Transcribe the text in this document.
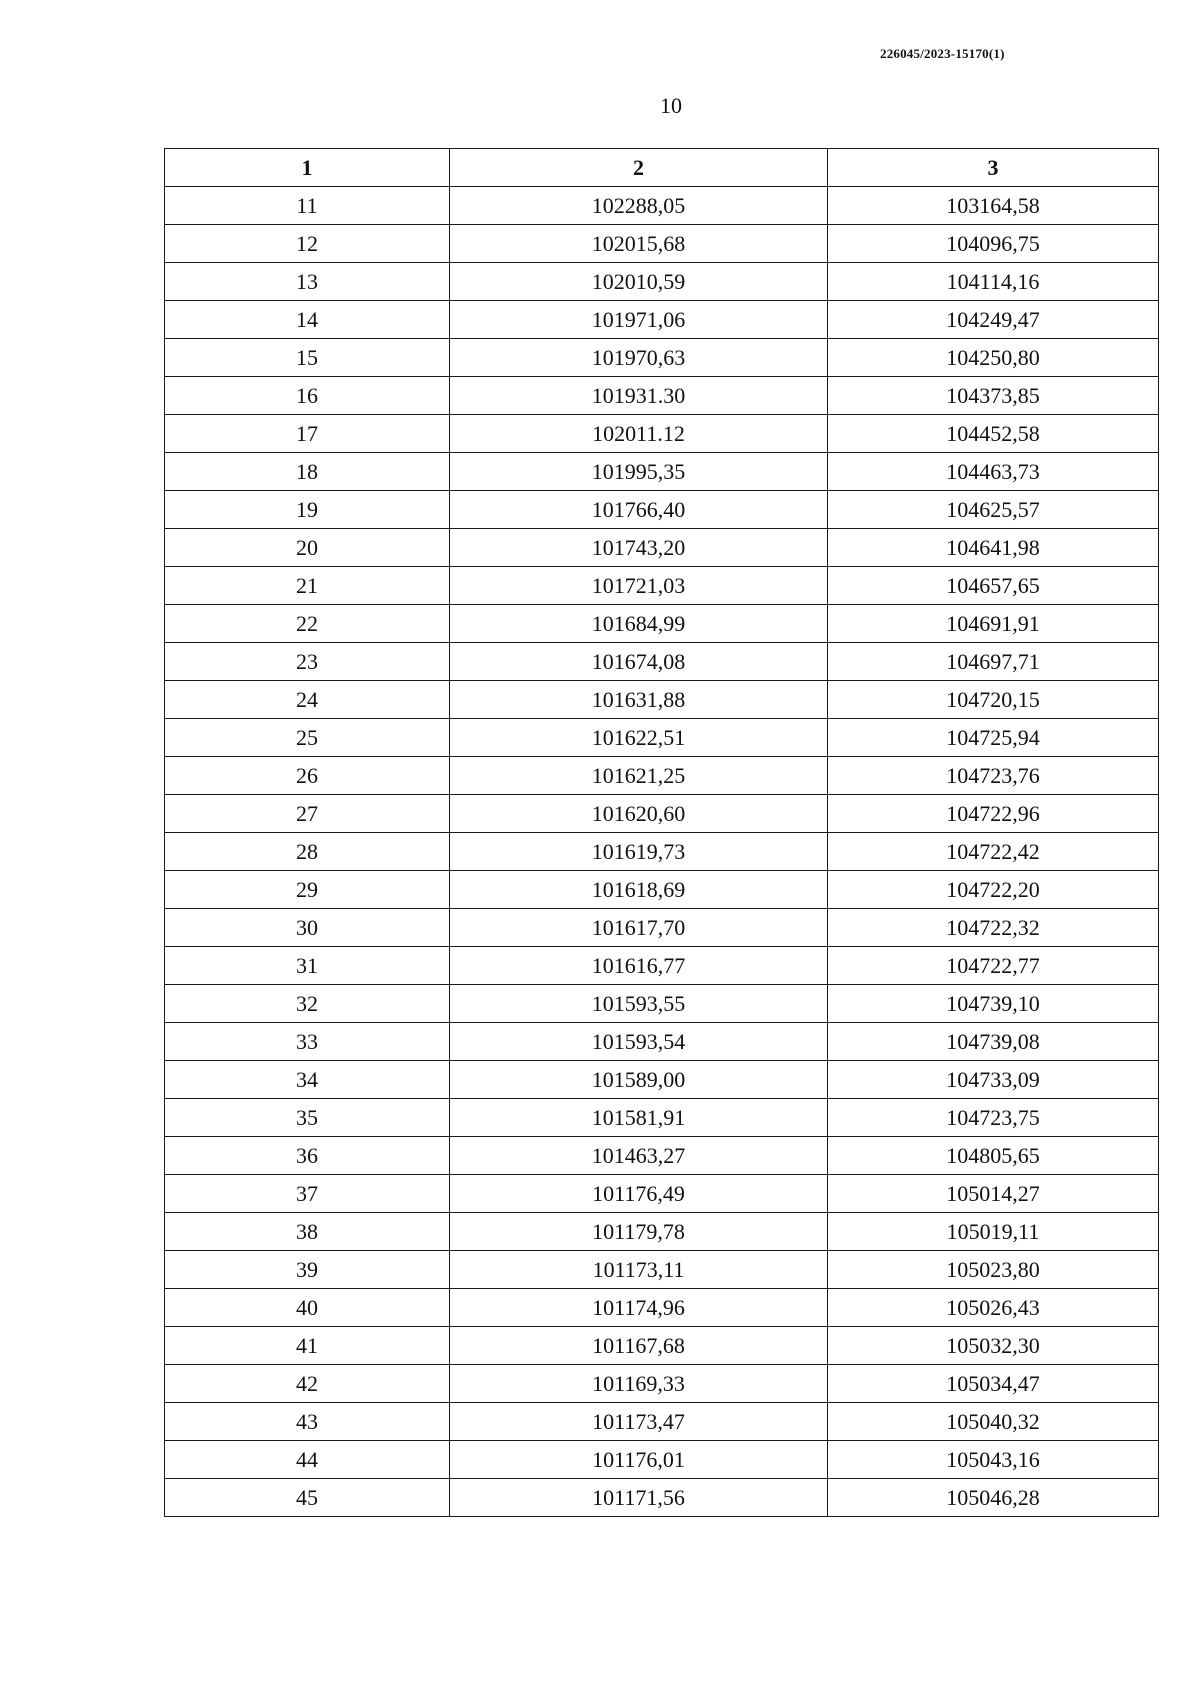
226045/2023-15170(1)
10
1	2	3
11	102288,05	103164,58
12	102015,68	104096,75
13	102010,59	104114,16
14	101971,06	104249,47
15	101970,63	104250,80
16	101931.30	104373,85
17	102011.12	104452,58
18	101995,35	104463,73
19	101766,40	104625,57
20	101743,20	104641,98
21	101721,03	104657,65
22	101684,99	104691,91
23	101674,08	104697,71
24	101631,88	104720,15
25	101622,51	104725,94
26	101621,25	104723,76
27	101620,60	104722,96
28	101619,73	104722,42
29	101618,69	104722,20
30	101617,70	104722,32
31	101616,77	104722,77
32	101593,55	104739,10
33	101593,54	104739,08
34	101589,00	104733,09
35	101581,91	104723,75
36	101463,27	104805,65
37	101176,49	105014,27
38	101179,78	105019,11
39	101173,11	105023,80
40	101174,96	105026,43
41	101167,68	105032,30
42	101169,33	105034,47
43	101173,47	105040,32
44	101176,01	105043,16
45	101171,56	105046,28
